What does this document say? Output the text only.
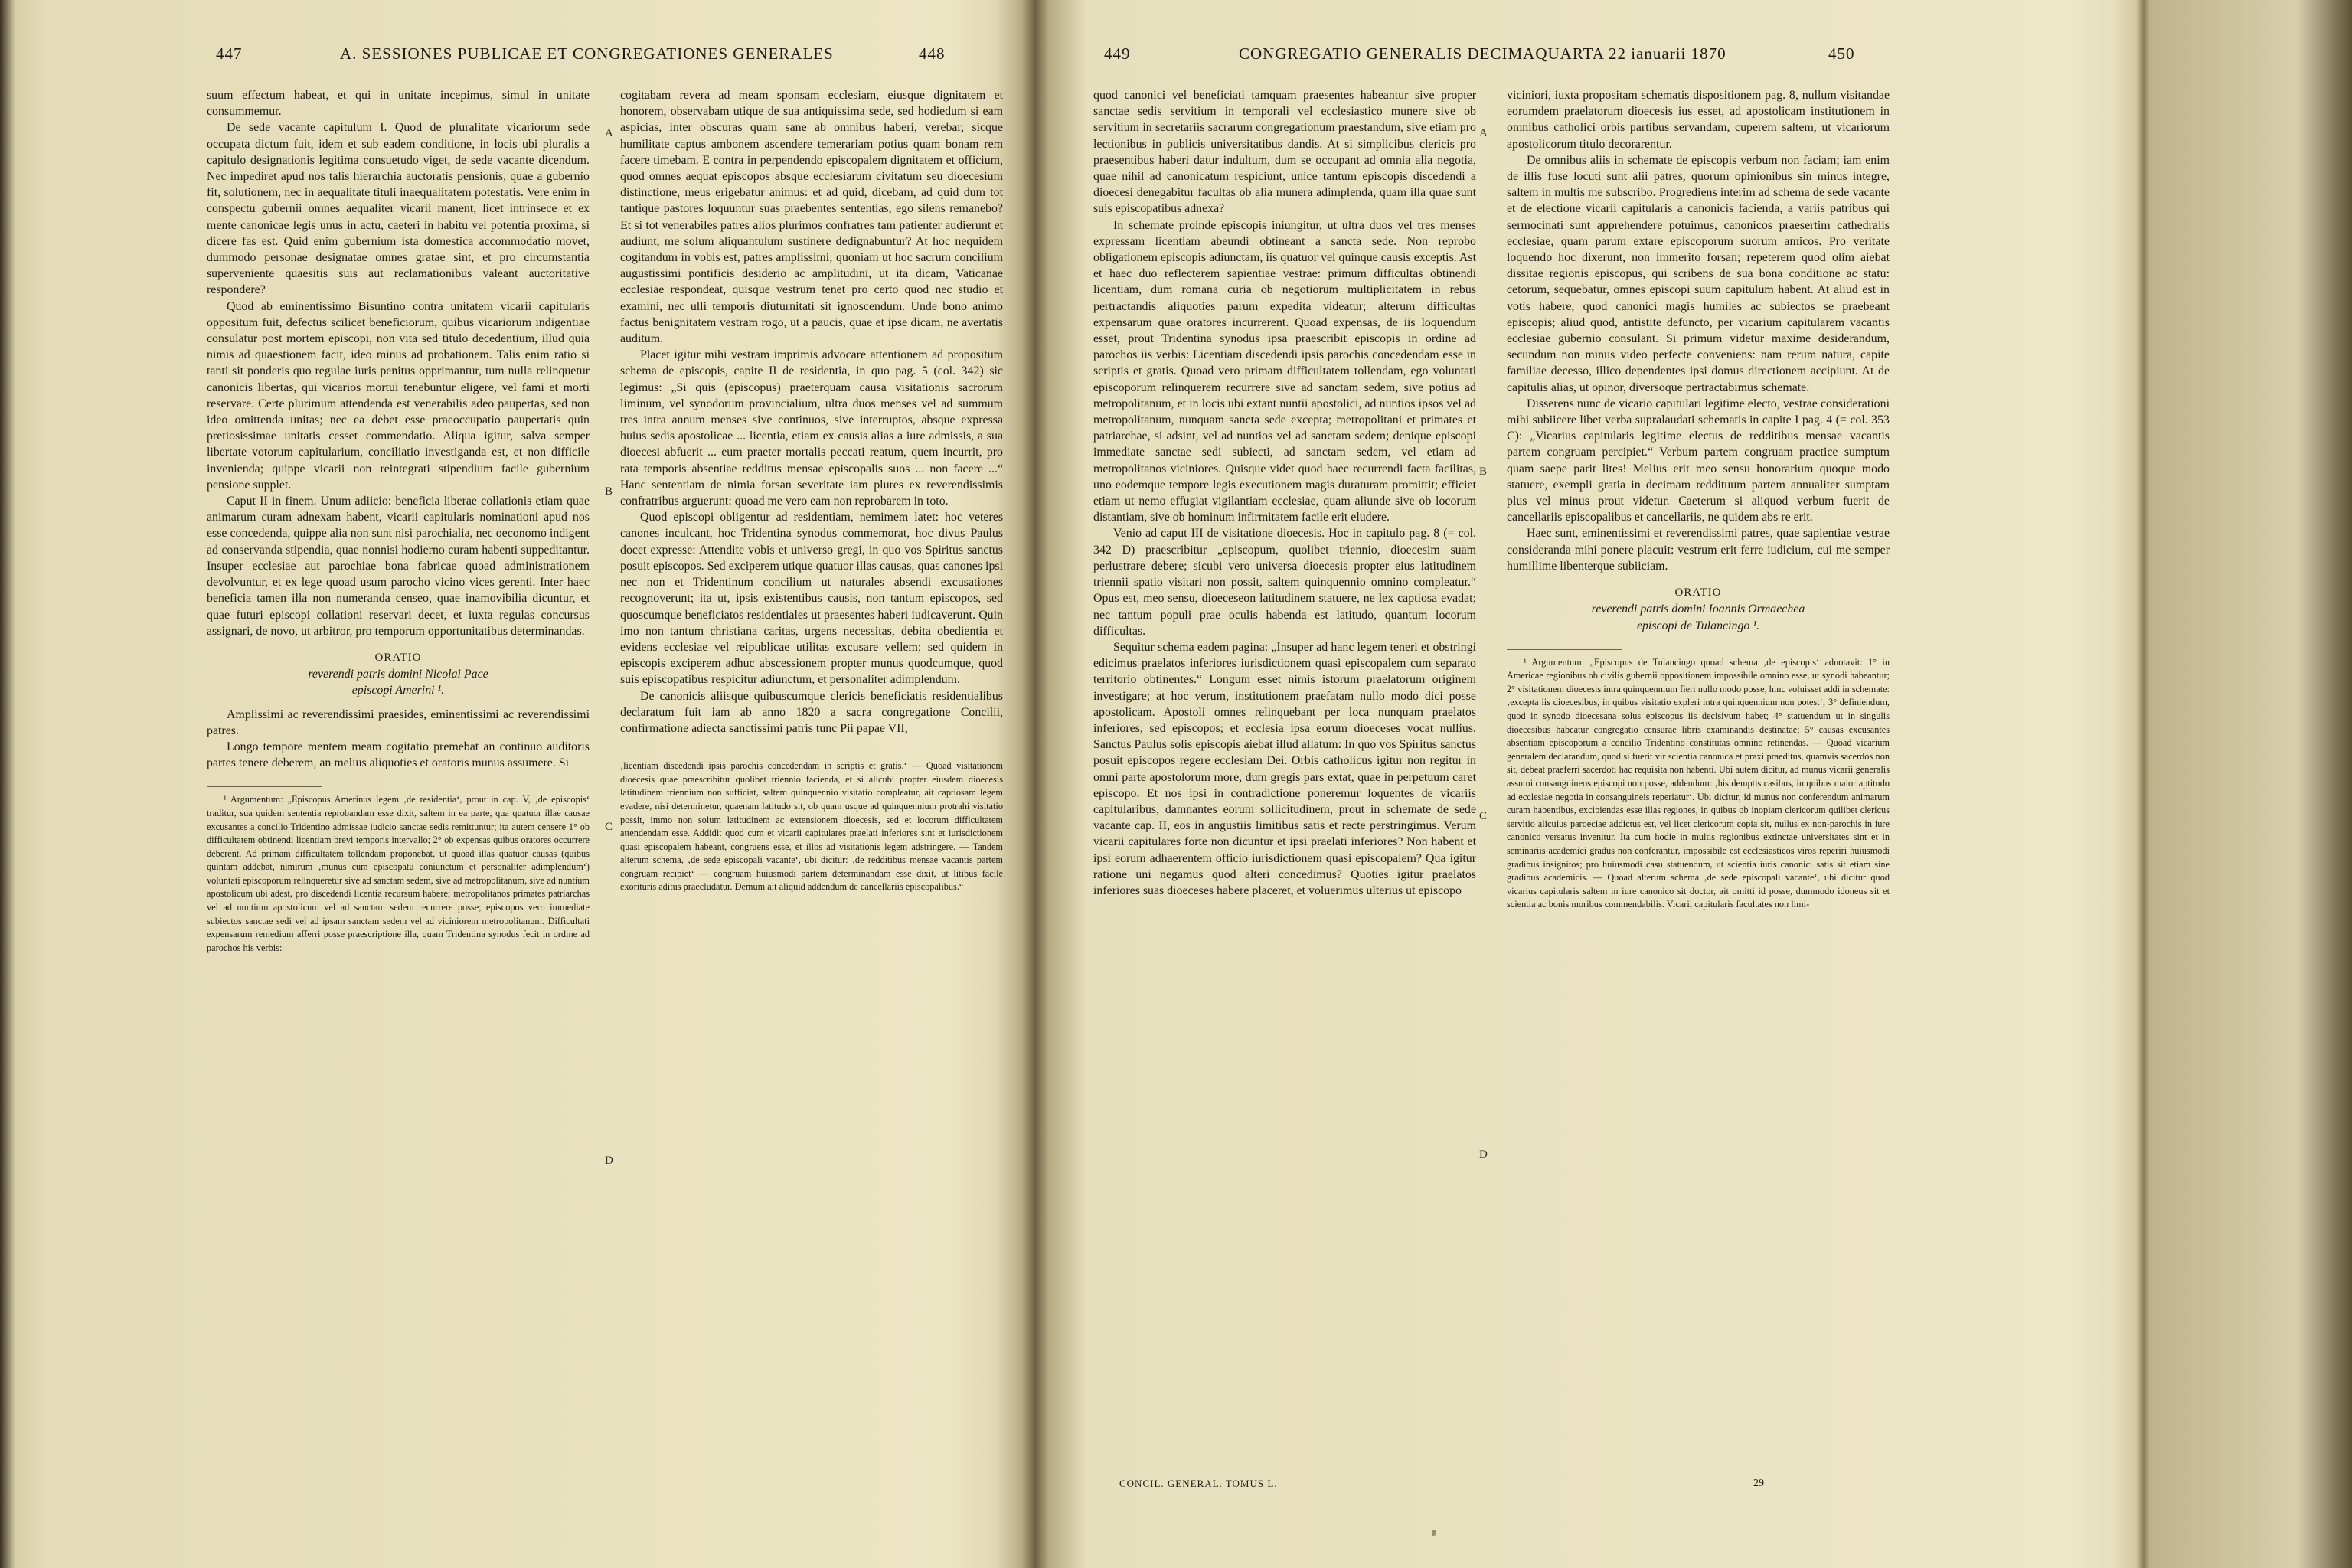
447	A. SESSIONES PUBLICAE ET CONGREGATIONES GENERALES	448

suum effectum habeat, et qui in unitate incepimus, simul in unitate consummemur.

De sede vacante capitulum I. Quod de pluralitate vicariorum sede occupata dictum fuit, idem et sub eadem conditione, in locis ubi pluralis a capitulo designationis legitima consuetudo viget, de sede vacante dicendum. Nec impediret apud nos talis hierarchia auctoratis pensionis, quae a gubernio fit, solutionem, nec in aequalitate tituli inaequalitatem potestatis. Vere enim in conspectu gubernii omnes aequaliter vicarii manent, licet intrinsece et ex mente canonicae legis unus in actu, caeteri in habitu vel potentia proxima, si dicere fas est. Quid enim gubernium ista domestica accommodatio movet, dummodo personae designatae omnes gratae sint, et pro circumstantia superveniente quaesitis suis aut reclamationibus valeant auctoritative respondere?

Quod ab eminentissimo Bisuntino contra unitatem vicarii capitularis oppositum fuit, defectus scilicet beneficiorum, quibus vicariorum indigentiae consulatur post mortem episcopi, non vita sed titulo decedentium, illud quia nimis ad quaestionem facit, ideo minus ad probationem. Talis enim ratio si tanti sit ponderis quo regulae iuris penitus opprimantur, tum nulla relinquetur canonicis libertas, qui vicarios mortui tenebuntur eligere, vel fami et morti reservare. Certe plurimum attendenda est venerabilis adeo paupertas, sed non ideo omittenda unitas; nec ea debet esse praeoccupatio paupertatis quin pretiosissimae unitatis cesset commendatio. Aliqua igitur, salva semper libertate votorum capitularium, conciliatio investiganda est, et non difficile invenienda; quippe vicarii non reintegrati stipendium facile gubernium pensione supplet.

Caput II in finem. Unum adiicio: beneficia liberae collationis etiam quae animarum curam adnexam habent, vicarii capitularis nominationi apud nos esse concedenda, quippe alia non sunt nisi parochialia, nec oeconomo indigent ad conservanda stipendia, quae nonnisi hodierno curam habenti suppeditantur. Insuper ecclesiae aut parochiae bona fabricae quoad administrationem devolvuntur, et ex lege quoad usum parocho vicino vices gerenti. Inter haec beneficia tamen illa non numeranda censeo, quae inamovibilia dicuntur, et quae futuri episcopi collationi reservari decet, et iuxta regulas concursus assignari, de novo, ut arbitror, pro temporum opportunitatibus determinandas.

ORATIO
reverendi patris domini Nicolai Pace
episcopi Amerini ¹.

Amplissimi ac reverendissimi praesides, eminentissimi ac reverendissimi patres.

Longo tempore mentem meam cogitatio premebat an continuo auditoris partes tenere deberem, an melius aliquoties et oratoris munus assumere. Si

¹ Argumentum: „Episcopus Amerinus legem ‚de residentia‘, prout in cap. V, ‚de episcopis‘ traditur, sua quidem sententia reprobandam esse dixit, saltem in ea parte, qua quatuor illae causae excusantes a concilio Tridentino admissae iudicio sanctae sedis remittuntur; ita autem censere 1° ob difficultatem obtinendi licentiam brevi temporis intervallo; 2° ob expensas quibus oratores occurrere deberent. Ad primam difficultatem tollendam proponebat, ut quoad illas quatuor causas (quibus quintam addebat, nimirum ‚munus cum episcopatu coniunctum et personaliter adimplendum‘) voluntati episcoporum relinqueretur sive ad sanctam sedem, sive ad metropolitanum, sive ad nuntium apostolicum ubi adest, pro discedendi licentia recursum habere; metropolitanos primates patriarchas vel ad nuntium apostolicum vel ad sanctam sedem recurrere posse; episcopos vero immediate subiectos sanctae sedi vel ad ipsam sanctam sedem vel ad viciniorem metropolitanum. Difficultati expensarum remedium afferri posse praescriptione illa, quam Tridentina synodus fecit in ordine ad parochos his verbis:

cogitabam revera ad meam sponsam ecclesiam, eiusque dignitatem et honorem, observabam utique de sua antiquissima sede, sed hodiedum si eam aspicias, inter obscuras quam sane ab omnibus haberi, verebar, sicque humilitate captus ambonem ascendere temerariam potius quam bonam rem facere timebam. E contra in perpendendo episcopalem dignitatem et officium, quod omnes aequat episcopos absque ecclesiarum civitatum seu dioecesium distinctione, meus erigebatur animus: et ad quid, dicebam, ad quid dum tot tantique pastores loquuntur suas praebentes sententias, ego silens remanebo? Et si tot venerabiles patres alios plurimos confratres tam patienter audierunt et audiunt, me solum aliquantulum sustinere dedignabuntur? At hoc nequidem cogitandum in vobis est, patres amplissimi; quoniam ut hoc sacrum concilium augustissimi pontificis desiderio ac amplitudini, ut ita dicam, Vaticanae ecclesiae respondeat, quisque vestrum tenet pro certo quod nec studio et examini, nec ulli temporis diuturnitati sit ignoscendum. Unde bono animo factus benignitatem vestram rogo, ut a paucis, quae et ipse dicam, ne avertatis auditum.

Placet igitur mihi vestram imprimis advocare attentionem ad propositum schema de episcopis, capite II de residentia, in quo pag. 5 (col. 342) sic legimus: „Si quis (episcopus) praeterquam causa visitationis sacrorum liminum, vel synodorum provincialium, ultra duos menses vel ad summum tres intra annum menses sive continuos, sive interruptos, absque expressa huius sedis apostolicae ... licentia, etiam ex causis alias a iure admissis, a sua dioecesi abfuerit ... eum praeter mortalis peccati reatum, quem incurrit, pro rata temporis absentiae redditus mensae episcopalis suos ... non facere ...“ Hanc sententiam de nimia forsan severitate iam plures ex reverendissimis confratribus arguerunt: quoad me vero eam non reprobarem in toto.

Quod episcopi obligentur ad residentiam, nemimem latet: hoc veteres canones inculcant, hoc Tridentina synodus commemorat, hoc divus Paulus docet expresse: Attendite vobis et universo gregi, in quo vos Spiritus sanctus posuit episcopos. Sed exciperem utique quatuor illas causas, quas canones ipsi nec non et Tridentinum concilium ut naturales absendi excusationes recognoverunt; ita ut, ipsis existentibus causis, non tantum episcopos, sed quoscumque beneficiatos residentiales ut praesentes haberi iudicaverunt. Quin imo non tantum christiana caritas, urgens necessitas, debita obedientia et evidens ecclesiae vel reipublicae utilitas excusare vellem; sed quidem in episcopis exciperem adhuc abscessionem propter munus quodcumque, quod suis episcopatibus respicitur adiunctum, et personaliter adimplendum.

De canonicis aliisque quibuscumque clericis beneficiatis residentialibus declaratum fuit iam ab anno 1820 a sacra congregatione Concilii, confirmatione adiecta sanctissimi patris tunc Pii papae VII,

‚licentiam discedendi ipsis parochis concedendam in scriptis et gratis.‘ — Quoad visitationem dioecesis quae praescribitur quolibet triennio facienda, et si alicubi propter eiusdem dioecesis latitudinem triennium non sufficiat, saltem quinquennio visitatio compleatur, ait captiosam legem evadere, nisi determinetur, quaenam latitudo sit, ob quam usque ad quinquennium protrahi visitatio possit, immo non solum latitudinem ac extensionem dioecesis, sed et locorum difficultatem attendendam esse. Addidit quod cum et vicarii capitulares praelati inferiores sint et iurisdictionem quasi episcopalem habeant, congruens esse, et illos ad visitationis legem adstringere. — Tandem alterum schema, ‚de sede episcopali vacante‘, ubi dicitur: ‚de redditibus mensae vacantis partem congruam recipiet‘ — congruam huiusmodi partem determinandam esse dixit, ut litibus facile exorituris aditus praecludatur. Demum ait aliquid addendum de cancellariis episcopalibus.“

A
B
C
D
449	CONGREGATIO GENERALIS DECIMAQUARTA 22 ianuarii 1870	450

quod canonici vel beneficiati tamquam praesentes habeantur sive propter sanctae sedis servitium in temporali vel ecclesiastico munere sive ob servitium in secretariis sacrarum congregationum praestandum, sive etiam pro lectionibus in publicis universitatibus dandis. At si simplicibus clericis pro praesentibus haberi datur indultum, dum se occupant ad omnia alia negotia, quae nihil ad canonicatum respiciunt, unice tantum episcopis discedendi a dioecesi denegabitur facultas ob alia munera adimplenda, quam illa quae sunt suis episcopatibus adnexa?

In schemate proinde episcopis iniungitur, ut ultra duos vel tres menses expressam licentiam abeundi obtineant a sancta sede. Non reprobo obligationem episcopis adiunctam, iis quatuor vel quinque causis exceptis. Ast et haec duo reflecterem sapientiae vestrae: primum difficultas obtinendi licentiam, dum romana curia ob negotiorum multiplicitatem in rebus pertractandis aliquoties parum expedita videatur; alterum difficultas expensarum quae oratores incurrerent. Quoad expensas, de iis loquendum esset, prout Tridentina synodus ipsa praescribit episcopis in ordine ad parochos iis verbis: Licentiam discedendi ipsis parochis concedendam esse in scriptis et gratis. Quoad vero primam difficultatem tollendam, ego voluntati episcoporum relinquerem recurrere sive ad sanctam sedem, sive potius ad metropolitanum, et in locis ubi extant nuntii apostolici, ad nuntios ipsos vel ad metropolitanum, nunquam sancta sede excepta; metropolitani et primates et patriarchae, si adsint, vel ad nuntios vel ad sanctam sedem; denique episcopi immediate sanctae sedi subiecti, ad sanctam sedem, vel etiam ad metropolitanos viciniores. Quisque videt quod haec recurrendi facta facilitas, uno eodemque tempore legis executionem magis duraturam promittit; efficiet etiam ut nemo effugiat vigilantiam ecclesiae, quam aliunde sive ob locorum distantiam, sive ob hominum infirmitatem facile erit eludere.

Venio ad caput III de visitatione dioecesis. Hoc in capitulo pag. 8 (= col. 342 D) praescribitur „episcopum, quolibet triennio, dioecesim suam perlustrare debere; sicubi vero universa dioecesis propter eius latitudinem triennii spatio visitari non possit, saltem quinquennio omnino compleatur.“ Opus est, meo sensu, dioeceseon latitudinem statuere, ne lex captiosa evadat; nec tantum populi prae oculis habenda est latitudo, quantum locorum difficultas.

Sequitur schema eadem pagina: „Insuper ad hanc legem teneri et obstringi edicimus praelatos inferiores iurisdictionem quasi episcopalem cum separato territorio obtinentes.“ Longum esset nimis istorum praelatorum originem investigare; at hoc verum, institutionem praefatam nullo modo dici posse apostolicam. Apostoli omnes relinquebant per loca nunquam praelatos inferiores, sed episcopos; et ecclesia ipsa eorum dioeceses vocat nullius. Sanctus Paulus solis episcopis aiebat illud allatum: In quo vos Spiritus sanctus posuit episcopos regere ecclesiam Dei. Orbis catholicus igitur non regitur in omni parte apostolorum more, dum gregis pars extat, quae in perpetuum caret episcopo. Et nos ipsi in contradictione poneremur loquentes de vicariis capitularibus, damnantes eorum sollicitudinem, prout in schemate de sede vacante cap. II, eos in angustiis limitibus satis et recte perstringimus. Verum vicarii capitulares forte non dicuntur et ipsi praelati inferiores? Non habent et ipsi eorum adhaerentem officio iurisdictionem quasi episcopalem? Qua igitur ratione uni negamus quod alteri concedimus? Quoties igitur praelatos inferiores suas dioeceses habere placeret, et voluerimus ulterius ut episcopo

viciniori, iuxta propositam schematis dispositionem pag. 8, nullum visitandae eorumdem praelatorum dioecesis ius esset, ad apostolicam institutionem in omnibus catholici orbis partibus servandam, cuperem saltem, ut vicariorum apostolicorum titulo decorarentur.

De omnibus aliis in schemate de episcopis verbum non faciam; iam enim de illis fuse locuti sunt alii patres, quorum opinionibus sin minus integre, saltem in multis me subscribo. Progrediens interim ad schema de sede vacante et de electione vicarii capitularis a canonicis facienda, a variis patribus qui sermocinati sunt apprehendere potuimus, canonicos praesertim cathedralis ecclesiae, quam parum extare episcoporum suorum amicos. Pro veritate loquendo hoc dixerunt, non immerito forsan; repeterem quod olim aiebat dissitae regionis episcopus, qui scribens de sua bona conditione ac statu: cetorum, sequebatur, omnes episcopi suum capitulum habent. At aliud est in votis habere, quod canonici magis humiles ac subiectos se praebeant episcopis; aliud quod, antistite defuncto, per vicarium capitularem vacantis ecclesiae gubernio consulant. Si primum videtur maxime desiderandum, secundum non minus video perfecte conveniens: nam rerum natura, capite familiae decesso, illico dependentes ipsi domus directionem accipiunt. At de capitulis alias, ut opinor, diversoque pertractabimus schemate.

Disserens nunc de vicario capitulari legitime electo, vestrae considerationi mihi subiicere libet verba supralaudati schematis in capite I pag. 4 (= col. 353 C): „Vicarius capitularis legitime electus de redditibus mensae vacantis partem congruam percipiet.“ Verbum partem congruam practice sumptum quam saepe parit lites! Melius erit meo sensu honorarium quoque modo statuere, exempli gratia in decimam reddituum partem annualiter sumptam plus vel minus prout videtur. Caeterum si aliquod verbum fuerit de cancellariis episcopalibus et cancellariis, ne quidem abs re erit.

Haec sunt, eminentissimi et reverendissimi patres, quae sapientiae vestrae consideranda mihi ponere placuit: vestrum erit ferre iudicium, cui me semper humillime libenterque subiiciam.

ORATIO
reverendi patris domini Ioannis Ormaechea
episcopi de Tulancingo ¹.

¹ Argumentum: „Episcopus de Tulancingo quoad schema ‚de episcopis‘ adnotavit: 1° in Americae regionibus ob civilis gubernii oppositionem impossibile omnino esse, ut synodi habeantur; 2° visitationem dioecesis intra quinquennium fieri nullo modo posse, hinc voluisset addi in schemate: ‚excepta iis dioecesibus, in quibus visitatio expleri intra quinquennium non potest‘; 3° definiendum, quod in synodo dioecesana solus episcopus iis decisivum habet; 4° statuendum ut in singulis dioecesibus habeatur congregatio censurae libris examinandis destinatae; 5° causas excusantes absentiam episcoporum a concilio Tridentino constitutas omnino retinendas. — Quoad vicarium generalem declarandum, quod si fuerit vir scientia canonica et praxi praeditus, quamvis sacerdos non sit, debeat praeferri sacerdoti hac requisita non habenti. Ubi autem dicitur, ad munus vicarii generalis assumi consanguineos episcopi non posse, addendum: ‚his demptis casibus, in quibus maior aptitudo ad ecclesiae negotia in consanguineis reperiatur‘. Ubi dicitur, id munus non conferendum animarum curam habentibus, excipiendas esse illas regiones, in quibus ob inopiam clericorum quilibet clericus servitio alicuius paroeciae addictus est, vel licet clericorum copia sit, nullus ex non-parochis in iure canonico versatus invenitur. Ita cum hodie in multis regionibus extinctae universitates sint et in seminariis academici gradus non conferantur, impossibile est ecclesiasticos viros reperiri huiusmodi gradibus insignitos; pro huiusmodi casu statuendum, ut scientia iuris canonici satis sit etiam sine gradibus academicis. — Quoad alterum schema ‚de sede episcopali vacante‘, ubi dicitur quod vicarius capitularis saltem in iure canonico sit doctor, ait omitti id posse, dummodo idoneus sit et scientia ac bonis moribus commendabilis. Vicarii capitularis facultates non limi-

A
B
C
D
CONCIL. GENERAL. TOMUS L.	29
